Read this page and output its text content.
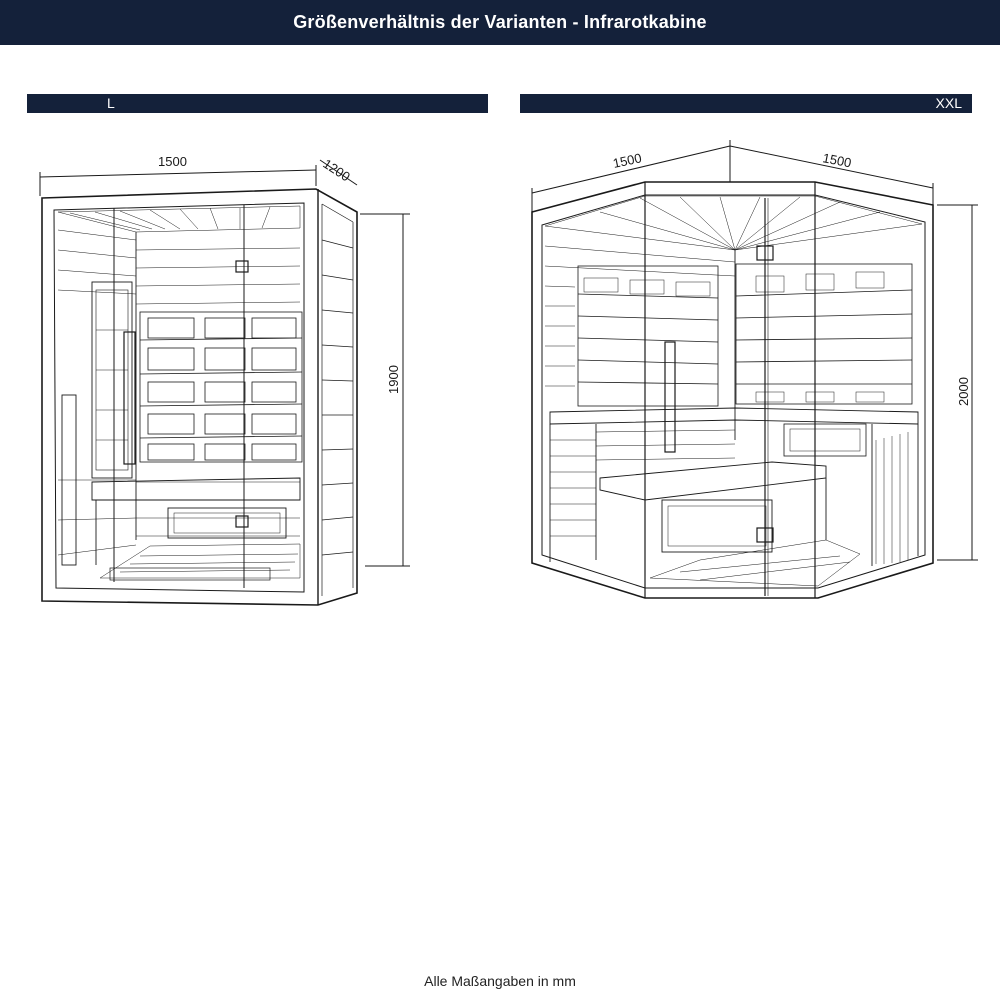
Größenverhältnis der Varianten - Infrarotkabine
L	XXL
1500	1200
1900
1500	1500
2000
Alle Maßangaben in mm
